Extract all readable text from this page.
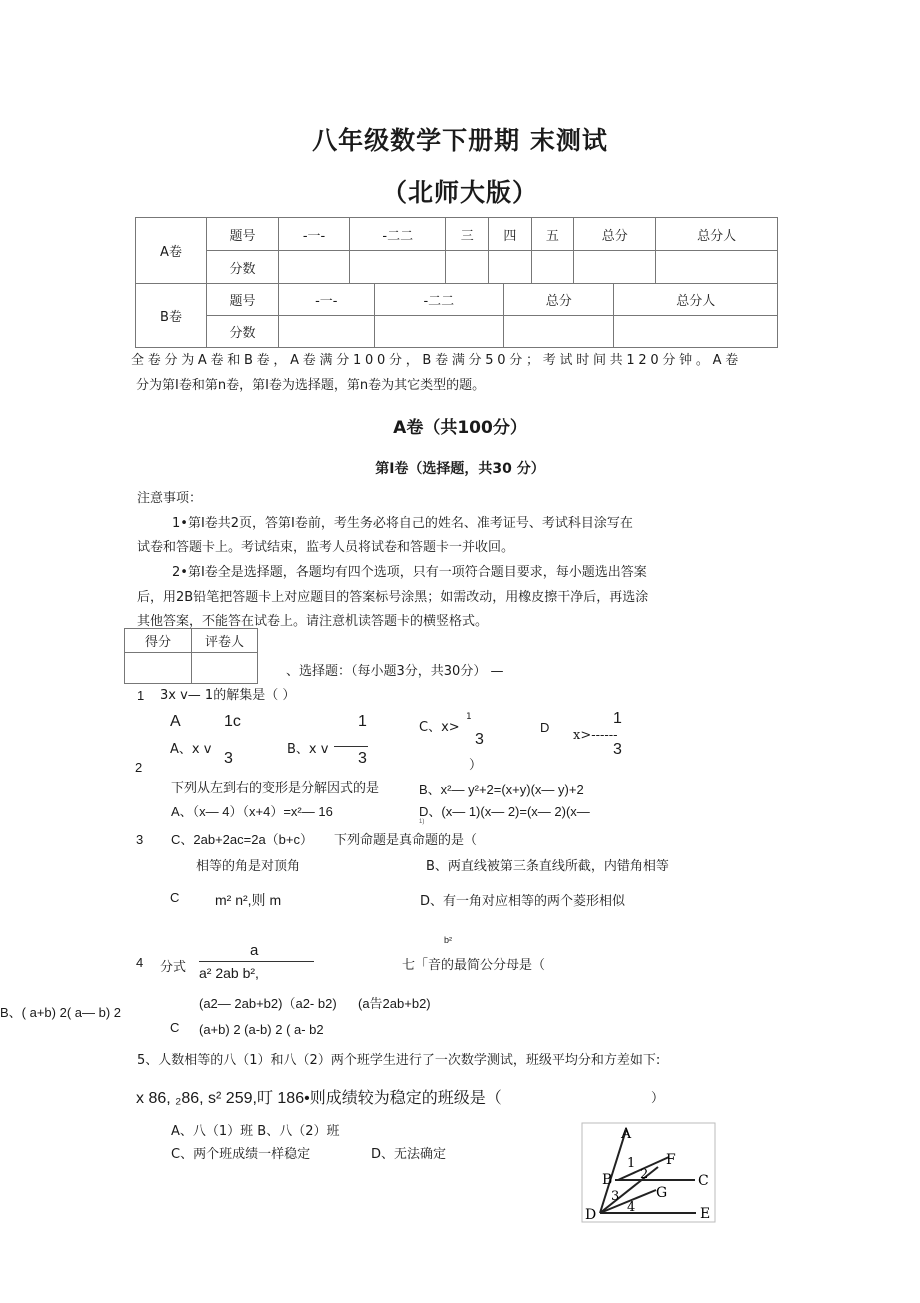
八年级数学下册期 末测试
（北师大版）
A卷	题号	-一-	-二二	三	四	五	总分	总分人
	分数							
B卷	题号	-一-	-二二	总分	总分人
	分数				
全 卷 分 为 A 卷 和 B 卷 ， A 卷 满 分 1 0 0 分 ， B 卷 满 分 5 0 分 ； 考 试 时 间 共 1 2 0 分 钟 。 A 卷
分为第I卷和第n卷，第I卷为选择题，第n卷为其它类型的题。
A卷（共100分）
第I卷（选择题，共30 分）
注意事项：
1•第I卷共2页，答第I卷前，考生务必将自己的姓名、准考证号、考试科目涂写在
试卷和答题卡上。考试结束，监考人员将试卷和答题卡一并收回。
2•第I卷全是选择题，各题均有四个选项，只有一项符合题目要求，每小题选出答案
后，用2B铅笔把答题卡上对应题目的答案标号涂黑；如需改动，用橡皮擦干净后，再选涂
其他答案，不能答在试卷上。请注意机读答题卡的横竖格式。
得分	评卷人

、选择题：（每小题3分，共30分） —
1 3x v— 1的解集是（ ）
A	1c	1	C、x>
1
3
D
1
x>------
3
A、x v
3
B、x v
3	）
2
下列从左到右的变形是分解因式的是	B、x²— y²+2=(x+y)(x— y)+2
A、（x— 4）（x+4）=x²— 16	D、(x— 1)(x— 2)=(x— 2)(x—
1)
3 C、2ab+2ac=2a（b+c） 下列命题是真命题的是（
相等的角是对顶角	B、两直线被第三条直线所截，内错角相等
C	m² n²,则 m	D、有一角对应相等的两个菱形相似
4 分式
a
a² 2ab b²,
b²
七「音的最简公分母是（
(a2— 2ab+b2)（a2- b2) (a告2ab+b2)
B、( a+b) 2( a— b) 2
C (a+b) 2 (a-b) 2 ( a- b2
5、人数相等的八（1）和八（2）两个班学生进行了一次数学测试，班级平均分和方差如下:
x 86, ₂86, s² 259,叮 186•则成绩较为稳定的班级是（	）
A、八（1）班 B、八（2）班
C、两个班成绩一样稳定	D、无法确定
A
F
B	C
G
D	E
1
2
3
4
